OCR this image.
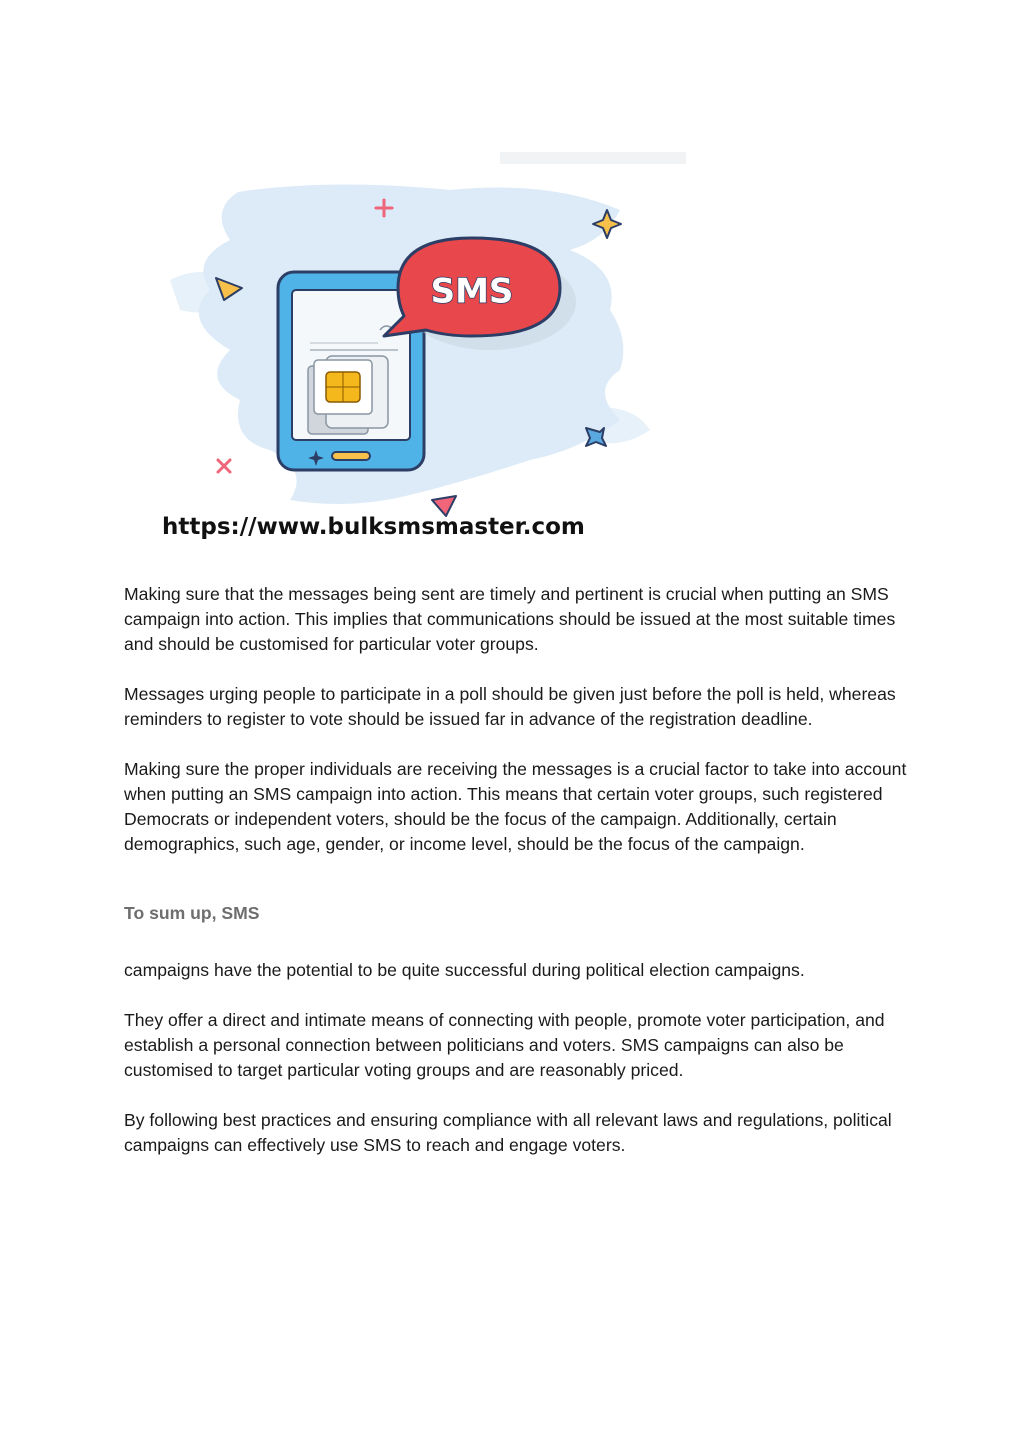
SMS
https://www.bulksmsmaster.com

Making sure that the messages being sent are timely and pertinent is crucial when putting an SMS campaign into action. This implies that communications should be issued at the most suitable times and should be customised for particular voter groups.

Messages urging people to participate in a poll should be given just before the poll is held, whereas reminders to register to vote should be issued far in advance of the registration deadline.

Making sure the proper individuals are receiving the messages is a crucial factor to take into account when putting an SMS campaign into action. This means that certain voter groups, such registered Democrats or independent voters, should be the focus of the campaign. Additionally, certain demographics, such age, gender, or income level, should be the focus of the campaign.

To sum up, SMS

campaigns have the potential to be quite successful during political election campaigns.

They offer a direct and intimate means of connecting with people, promote voter participation, and establish a personal connection between politicians and voters. SMS campaigns can also be customised to target particular voting groups and are reasonably priced.

By following best practices and ensuring compliance with all relevant laws and regulations, political campaigns can effectively use SMS to reach and engage voters.
